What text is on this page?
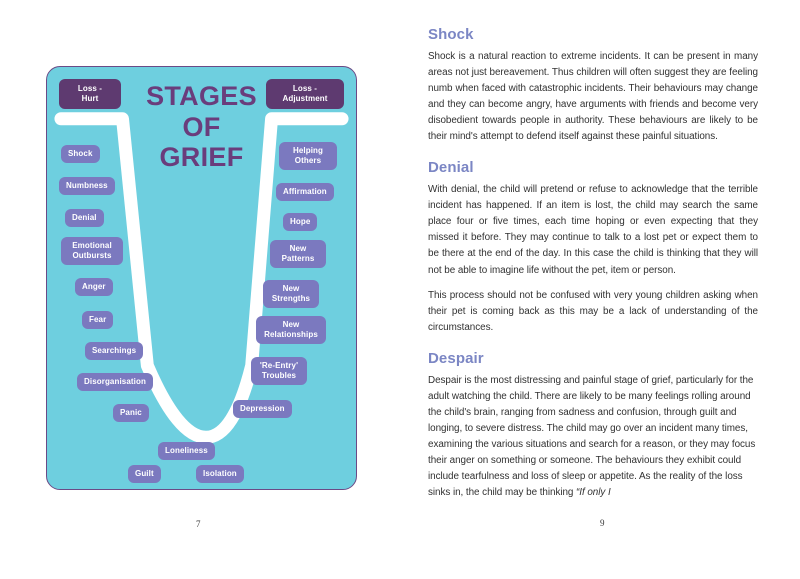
STAGES
OF
GRIEF
Loss -
Hurt
Loss -
Adjustment
Shock
Numbness
Denial
Emotional
Outbursts
Anger
Fear
Searchings
Disorganisation
Panic
Helping
Others
Affirmation
Hope
New
Patterns
New
Strengths
New
Relationships
'Re-Entry'
Troubles
Depression
Loneliness
Guilt	Isolation
7
Shock

Shock is a natural reaction to extreme incidents. It can be present in many areas not just bereavement. Thus children will often suggest they are feeling numb when faced with catastrophic incidents. Their behaviours may change and they can become angry, have arguments with friends and become very disobedient towards people in authority. These behaviours are likely to be their mind's attempt to defend itself against these painful situations.

Denial

With denial, the child will pretend or refuse to acknowledge that the terrible incident has happened. If an item is lost, the child may search the same place four or five times, each time hoping or even expecting that they missed it before. They may continue to talk to a lost pet or expect them to be there at the end of the day. In this case the child is thinking that they will not be able to imagine life without the pet, item or person.

This process should not be confused with very young children asking when their pet is coming back as this may be a lack of understanding of the circumstances.

Despair

Despair is the most distressing and painful stage of grief, particularly for the adult watching the child. There are likely to be many feelings rolling around the child's brain, ranging from sadness and confusion, through guilt and longing, to severe distress. The child may go over an incident many times, examining the various situations and search for a reason, or they may focus their anger on something or someone. The behaviours they exhibit could include tearfulness and loss of sleep or appetite. As the reality of the loss sinks in, the child may be thinking “If only I

9
